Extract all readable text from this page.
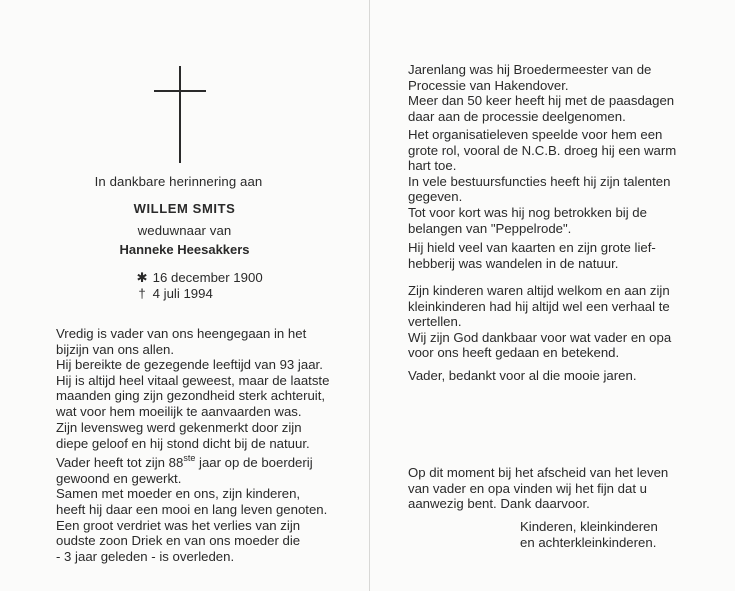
In dankbare herinnering aan
WILLEM SMITS
weduwnaar van
Hanneke Heesakkers
✱ 16 december 1900
† 4 juli 1994
Vredig is vader van ons heengegaan in het
bijzijn van ons allen.
Hij bereikte de gezegende leeftijd van 93 jaar.
Hij is altijd heel vitaal geweest, maar de laatste
maanden ging zijn gezondheid sterk achteruit,
wat voor hem moeilijk te aanvaarden was.
Zijn levensweg werd gekenmerkt door zijn
diepe geloof en hij stond dicht bij de natuur.
Vader heeft tot zijn 88ste jaar op de boerderij
gewoond en gewerkt.
Samen met moeder en ons, zijn kinderen,
heeft hij daar een mooi en lang leven genoten.
Een groot verdriet was het verlies van zijn
oudste zoon Driek en van ons moeder die
- 3 jaar geleden - is overleden.
Jarenlang was hij Broedermeester van de
Processie van Hakendover.
Meer dan 50 keer heeft hij met de paasdagen
daar aan de processie deelgenomen.
Het organisatieleven speelde voor hem een
grote rol, vooral de N.C.B. droeg hij een warm
hart toe.
In vele bestuursfuncties heeft hij zijn talenten
gegeven.
Tot voor kort was hij nog betrokken bij de
belangen van "Peppelrode".
Hij hield veel van kaarten en zijn grote lief-
hebberij was wandelen in de natuur.
Zijn kinderen waren altijd welkom en aan zijn
kleinkinderen had hij altijd wel een verhaal te
vertellen.
Wij zijn God dankbaar voor wat vader en opa
voor ons heeft gedaan en betekend.
Vader, bedankt voor al die mooie jaren.
Op dit moment bij het afscheid van het leven
van vader en opa vinden wij het fijn dat u
aanwezig bent. Dank daarvoor.
Kinderen, kleinkinderen
en achterkleinkinderen.
